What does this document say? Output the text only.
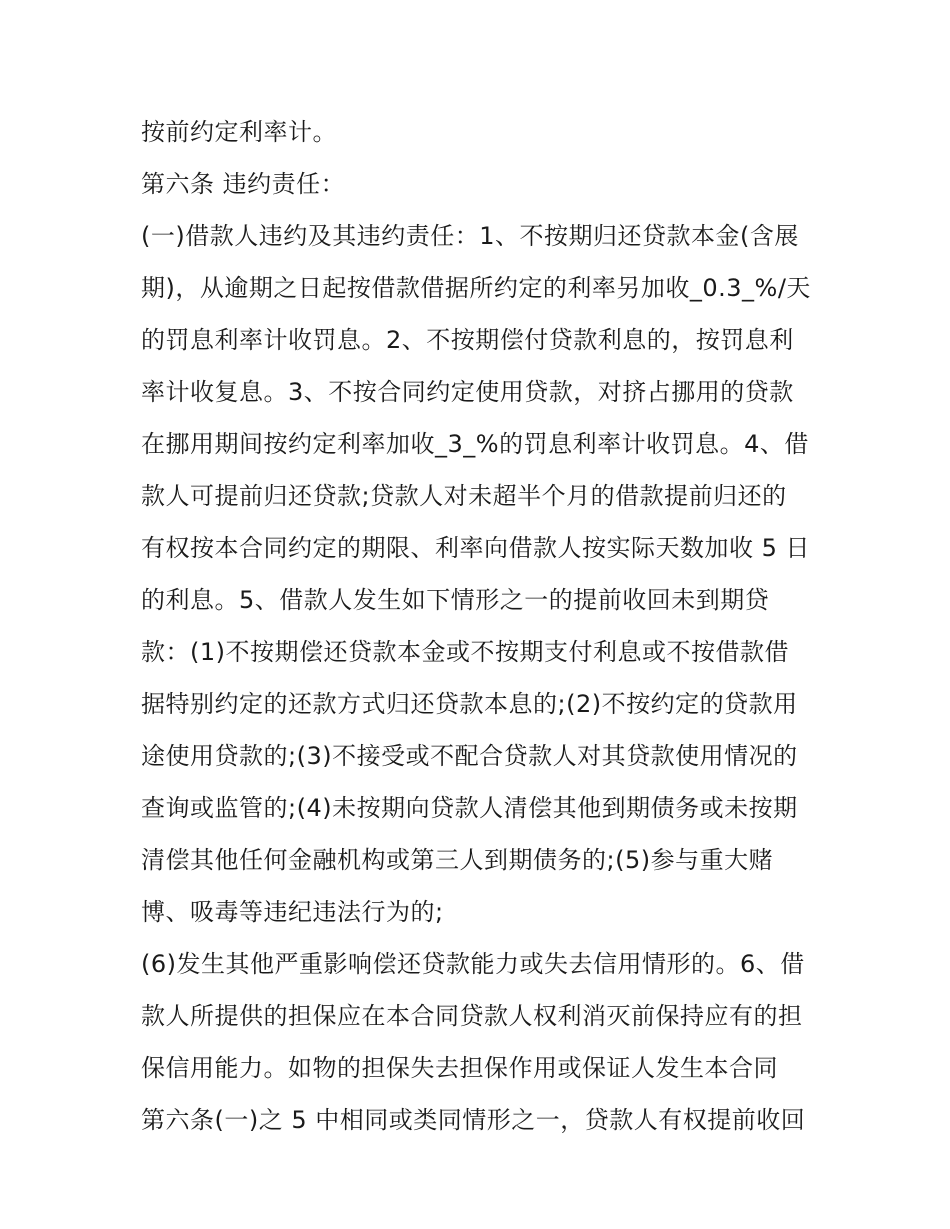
按前约定利率计。

第六条 违约责任：

(一)借款人违约及其违约责任：1、不按期归还贷款本金(含展

期)，从逾期之日起按借款借据所约定的利率另加收_0.3_%/天

的罚息利率计收罚息。2、不按期偿付贷款利息的，按罚息利

率计收复息。3、不按合同约定使用贷款，对挤占挪用的贷款

在挪用期间按约定利率加收_3_%的罚息利率计收罚息。4、借

款人可提前归还贷款;贷款人对未超半个月的借款提前归还的

有权按本合同约定的期限、利率向借款人按实际天数加收 5 日

的利息。5、借款人发生如下情形之一的提前收回未到期贷

款：(1)不按期偿还贷款本金或不按期支付利息或不按借款借

据特别约定的还款方式归还贷款本息的;(2)不按约定的贷款用

途使用贷款的;(3)不接受或不配合贷款人对其贷款使用情况的

查询或监管的;(4)未按期向贷款人清偿其他到期债务或未按期

清偿其他任何金融机构或第三人到期债务的;(5)参与重大赌

博、吸毒等违纪违法行为的;

(6)发生其他严重影响偿还贷款能力或失去信用情形的。6、借

款人所提供的担保应在本合同贷款人权利消灭前保持应有的担

保信用能力。如物的担保失去担保作用或保证人发生本合同

第六条(一)之 5 中相同或类同情形之一，贷款人有权提前收回
